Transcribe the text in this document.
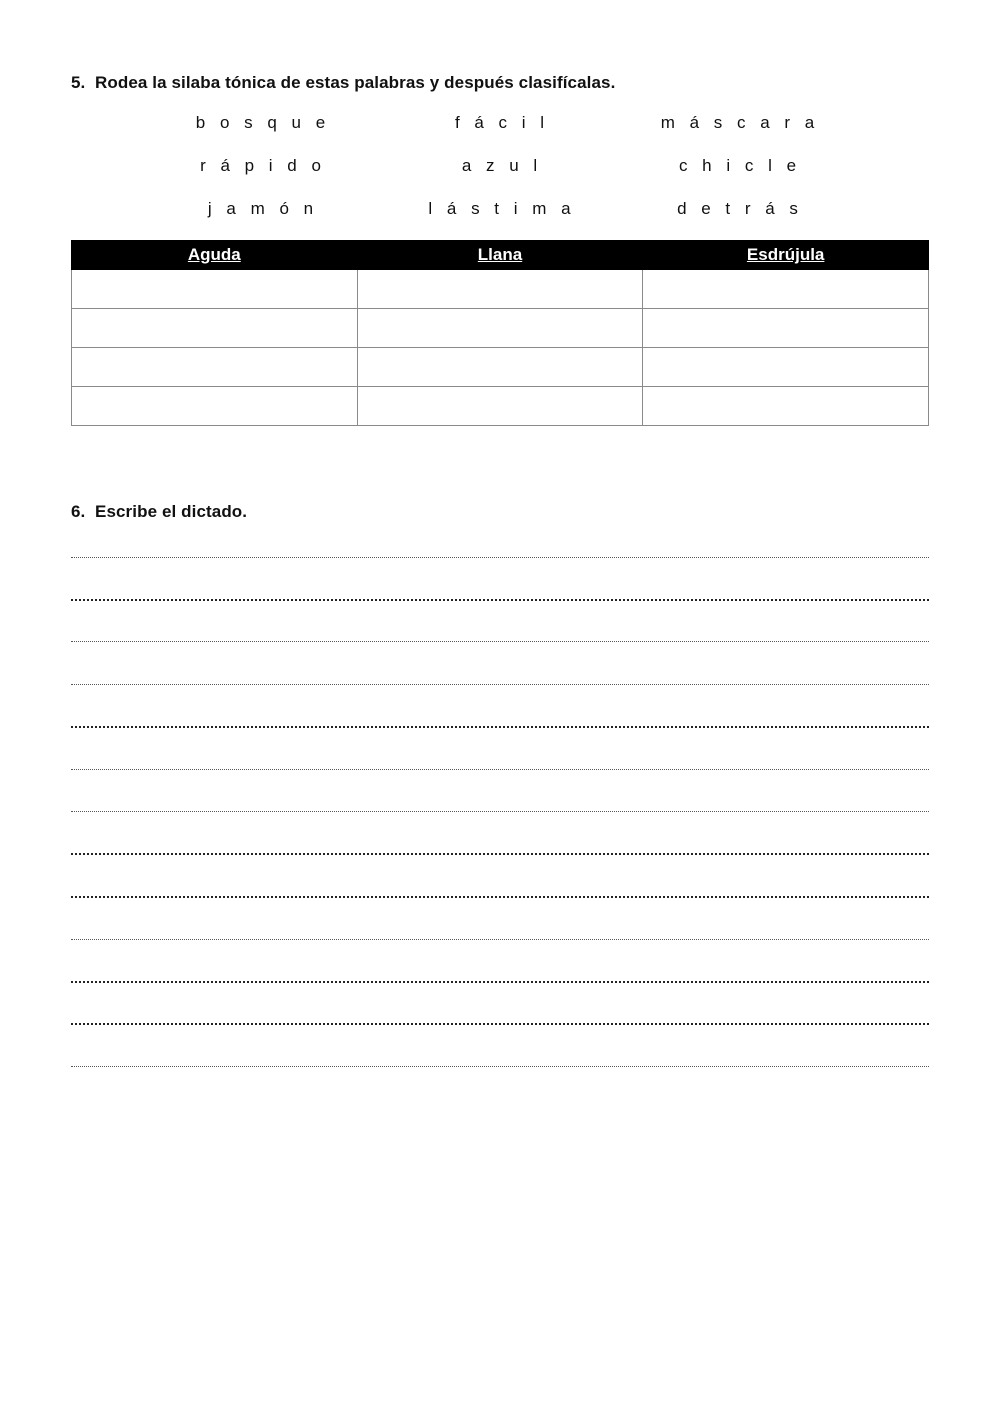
5. Rodea la silaba tónica de estas palabras y después clasifícalas.
b o s q u e	f á c i l	m á s c a r a
r á p i d o	a z u l	c h i c l e
j a m ó n	l á s t i m a	d e t r á s
Aguda	Llana	Esdrújula

6. Escribe el dictado.
